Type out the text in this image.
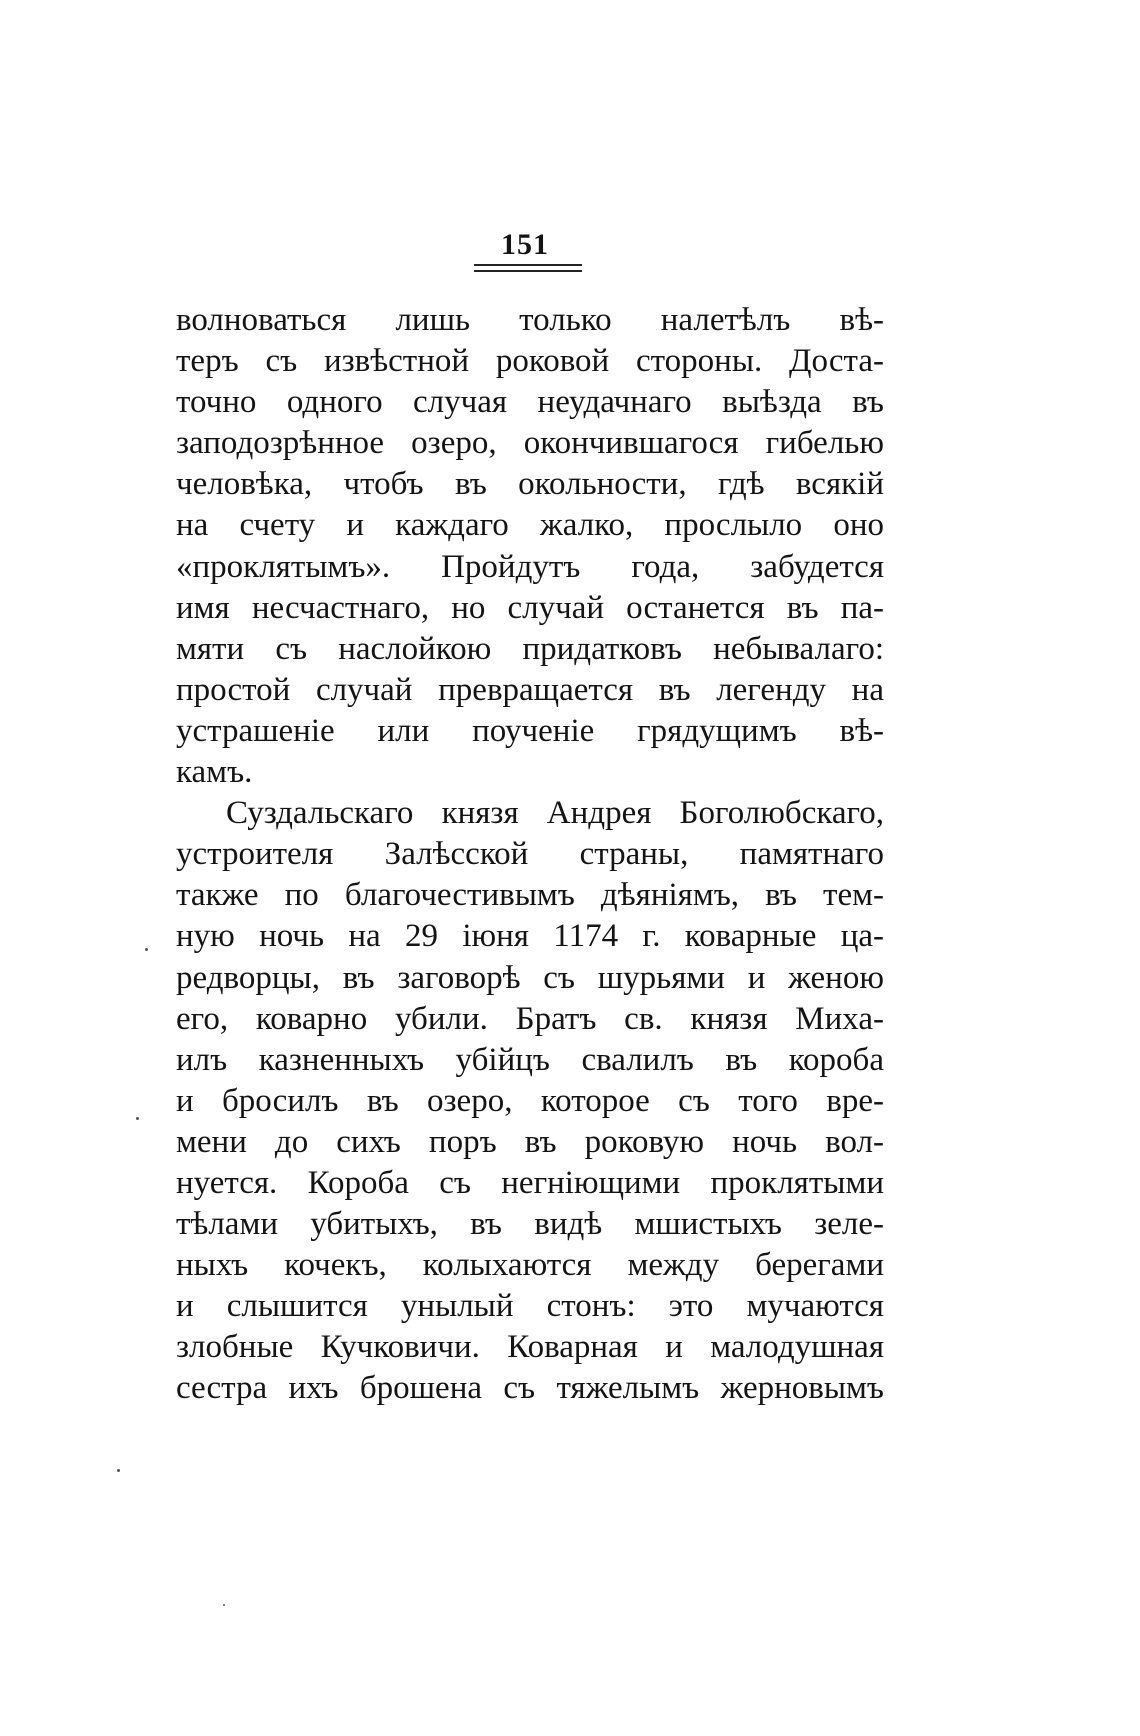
151
волноваться лишь только налетѣлъ вѣ-
теръ съ извѣстной роковой стороны. Доста-
точно одного случая неудачнаго выѣзда въ
заподозрѣнное озеро, окончившагося гибелью
человѣка, чтобъ въ окольности, гдѣ всякій
на счету и каждаго жалко, прослыло оно
«проклятымъ». Пройдутъ года, забудется
имя несчастнаго, но случай останется въ па-
мяти съ наслойкою придатковъ небывалаго:
простой случай превращается въ легенду на
устрашеніе или поученіе грядущимъ вѣ-
камъ.
Суздальскаго князя Андрея Боголюбскаго,
устроителя Залѣсской страны, памятнаго
также по благочестивымъ дѣяніямъ, въ тем-
ную ночь на 29 іюня 1174 г. коварные ца-
редворцы, въ заговорѣ съ шурьями и женою
его, коварно убили. Братъ св. князя Миха-
илъ казненныхъ убійцъ свалилъ въ короба
и бросилъ въ озеро, которое съ того вре-
мени до сихъ поръ въ роковую ночь вол-
нуется. Короба съ негніющими проклятыми
тѣлами убитыхъ, въ видѣ мшистыхъ зеле-
ныхъ кочекъ, колыхаются между берегами
и слышится унылый стонъ: это мучаются
злобные Кучковичи. Коварная и малодушная
сестра ихъ брошена съ тяжелымъ жерновымъ
